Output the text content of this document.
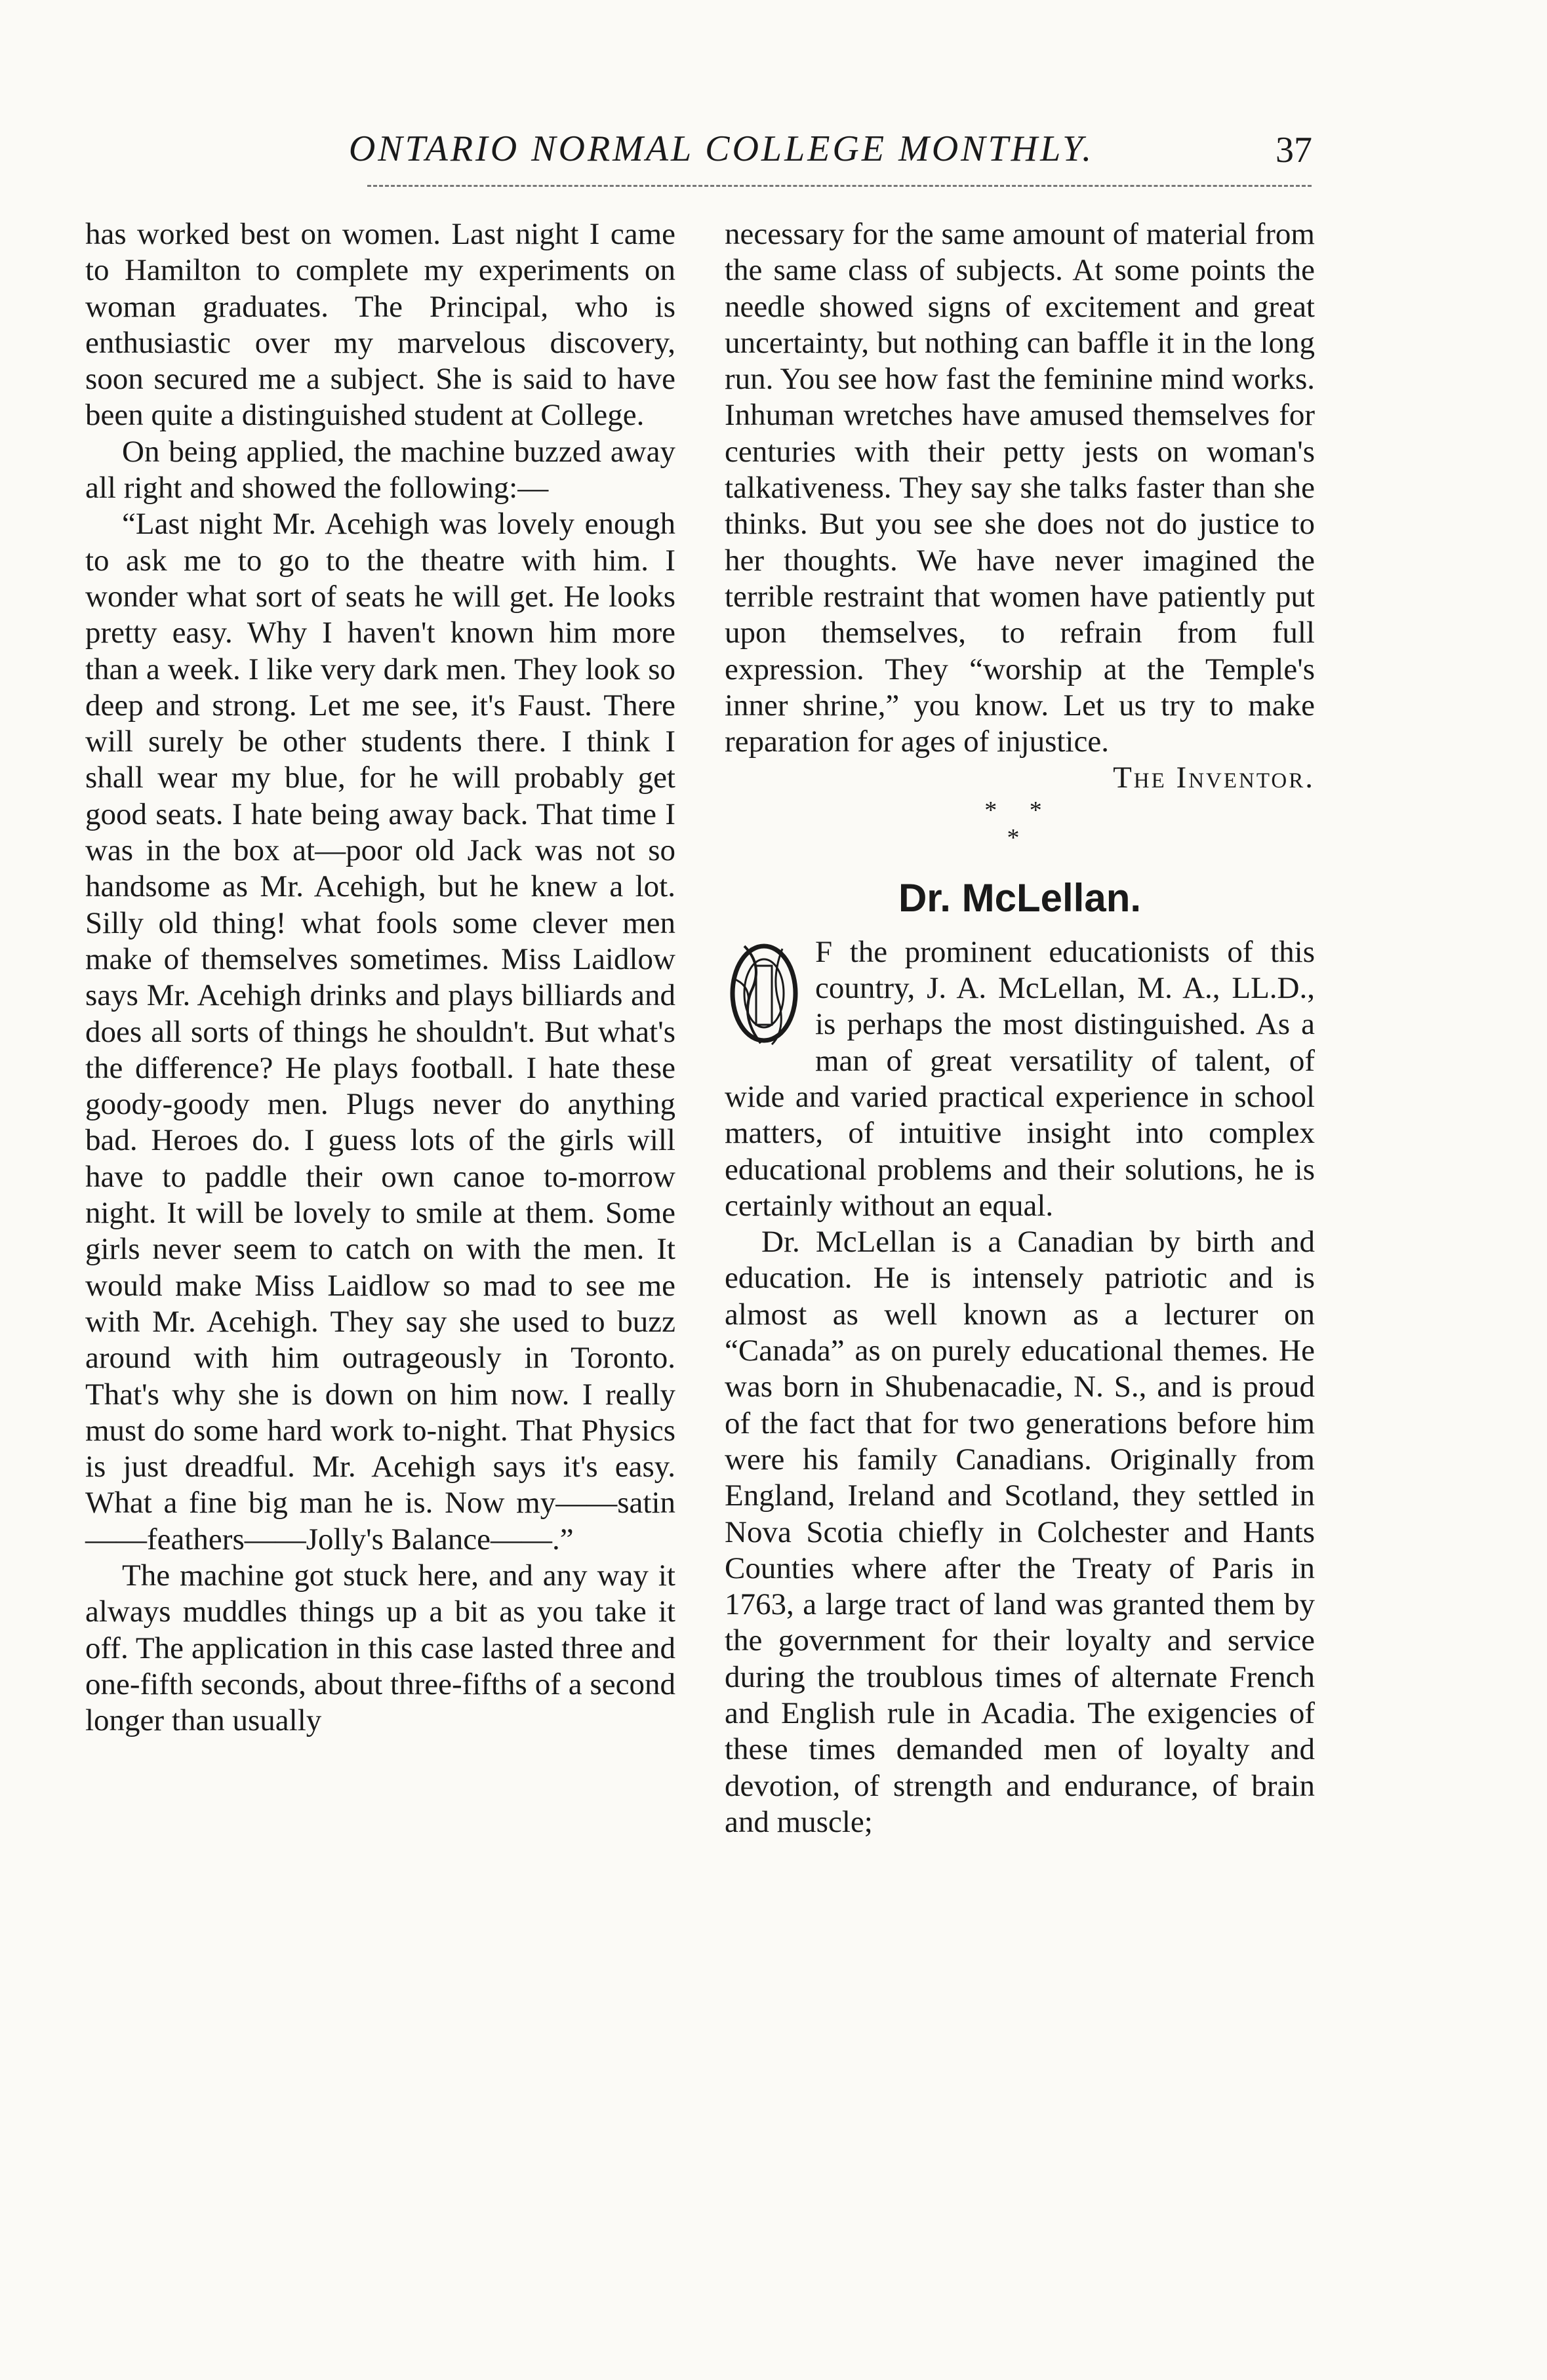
ONTARIO NORMAL COLLEGE MONTHLY.	37

has worked best on women. Last night I came to Hamilton to complete my experiments on woman graduates. The Principal, who is enthusiastic over my marvelous discovery, soon secured me a subject. She is said to have been quite a distinguished student at College.

On being applied, the machine buzzed away all right and showed the following:—

“Last night Mr. Acehigh was lovely enough to ask me to go to the theatre with him. I wonder what sort of seats he will get. He looks pretty easy. Why I haven't known him more than a week. I like very dark men. They look so deep and strong. Let me see, it's Faust. There will surely be other students there. I think I shall wear my blue, for he will probably get good seats. I hate being away back. That time I was in the box at—poor old Jack was not so handsome as Mr. Acehigh, but he knew a lot. Silly old thing! what fools some clever men make of themselves sometimes. Miss Laidlow says Mr. Acehigh drinks and plays billiards and does all sorts of things he shouldn't. But what's the difference? He plays football. I hate these goody-goody men. Plugs never do anything bad. Heroes do. I guess lots of the girls will have to paddle their own canoe to-morrow night. It will be lovely to smile at them. Some girls never seem to catch on with the men. It would make Miss Laidlow so mad to see me with Mr. Acehigh. They say she used to buzz around with him outrageously in Toronto. That's why she is down on him now. I really must do some hard work to-night. That Physics is just dreadful. Mr. Acehigh says it's easy. What a fine big man he is. Now my——satin——feathers——Jolly's Balance——.”

The machine got stuck here, and any way it always muddles things up a bit as you take it off. The application in this case lasted three and one-fifth seconds, about three-fifths of a second longer than usually

necessary for the same amount of material from the same class of subjects. At some points the needle showed signs of excitement and great uncertainty, but nothing can baffle it in the long run. You see how fast the feminine mind works. Inhuman wretches have amused themselves for centuries with their petty jests on woman's talkativeness. They say she talks faster than she thinks. But you see she does not do justice to her thoughts. We have never imagined the terrible restraint that women have patiently put upon themselves, to refrain from full expression. They “worship at the Temple's inner shrine,” you know. Let us try to make reparation for ages of injustice.

The Inventor.

* *
*
Dr. McLellan.

F the prominent educationists of this country, J. A. McLellan, M. A., LL.D., is perhaps the most distinguished. As a man of great versatility of talent, of wide and varied practical experience in school matters, of intuitive insight into complex educational problems and their solutions, he is certainly without an equal.

Dr. McLellan is a Canadian by birth and education. He is intensely patriotic and is almost as well known as a lecturer on “Canada” as on purely educational themes. He was born in Shubenacadie, N. S., and is proud of the fact that for two generations before him were his family Canadians. Originally from England, Ireland and Scotland, they settled in Nova Scotia chiefly in Colchester and Hants Counties where after the Treaty of Paris in 1763, a large tract of land was granted them by the government for their loyalty and service during the troublous times of alternate French and English rule in Acadia. The exigencies of these times demanded men of loyalty and devotion, of strength and endurance, of brain and muscle;
